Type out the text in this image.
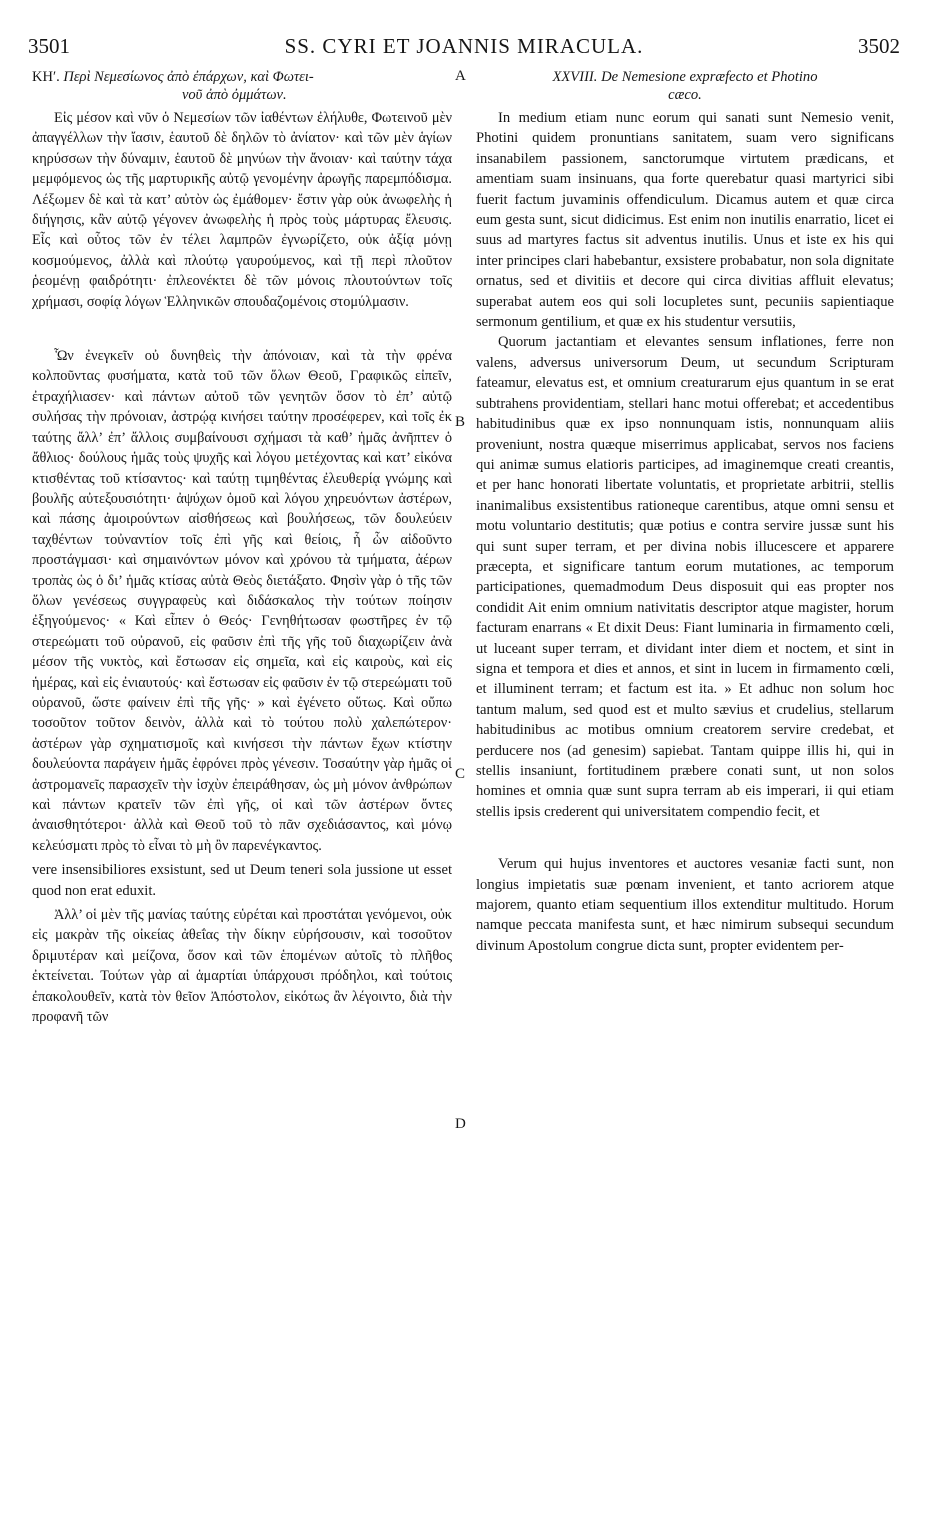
3501	SS. CYRI ET JOANNIS MIRACULA.	3502
ΚΗʹ. Περὶ Νεμεσίωνος ἀπὸ ἐπάρχων, καὶ Φωτει-
νοῦ ἀπὸ ὀμμάτων.

Εἰς μέσον καὶ νῦν ὁ Νεμεσίων τῶν ἰαθέντων ἐλήλυθε, Φωτεινοῦ μὲν ἀπαγγέλλων τὴν ἴασιν, ἑαυτοῦ δὲ δηλῶν τὸ ἀνίατον· καὶ τῶν μὲν ἁγίων κηρύσσων τὴν δύναμιν, ἑαυτοῦ δὲ μηνύων τὴν ἄνοιαν· καὶ ταύτην τάχα μεμφόμενος ὡς τῆς μαρτυρικῆς αὐτῷ γενομένην ἀρωγῆς παρεμπόδισμα. Λέξωμεν δὲ καὶ τὰ κατ’ αὐτὸν ὡς ἐμάθομεν· ἔστιν γὰρ οὐκ ἀνωφελὴς ἡ διήγησις, κἂν αὐτῷ γέγονεν ἀνωφελὴς ἡ πρὸς τοὺς μάρτυρας ἔλευσις. Εἷς καὶ οὗτος τῶν ἐν τέλει λαμπρῶν ἐγνωρίζετο, οὐκ ἀξίᾳ μόνῃ κοσμούμενος, ἀλλὰ καὶ πλούτῳ γαυρούμενος, καὶ τῇ περὶ πλοῦτον ῥεομένῃ φαιδρότητι· ἐπλεονέκτει δὲ τῶν μόνοις πλουτούντων τοῖς χρήμασι, σοφίᾳ λόγων Ἑλληνικῶν σπουδαζομένοις στομύλμασιν.

Ὧν ἐνεγκεῖν οὐ δυνηθεὶς τὴν ἀπόνοιαν, καὶ τὰ τὴν φρένα κολποῦντας φυσήματα, κατὰ τοῦ τῶν ὅλων Θεοῦ, Γραφικῶς εἰπεῖν, ἐτραχήλιασεν· καὶ πάντων αὐτοῦ τῶν γενητῶν ὅσον τὸ ἐπ’ αὐτῷ συλήσας τὴν πρόνοιαν, ἀστρῴᾳ κινήσει ταύτην προσέφερεν, καὶ τοῖς ἐκ ταύτης ἄλλ’ ἐπ’ ἄλλοις συμβαίνουσι σχήμασι τὰ καθ’ ἡμᾶς ἀνῆπτεν ὁ ἄθλιος· δούλους ἡμᾶς τοὺς ψυχῆς καὶ λόγου μετέχοντας καὶ κατ’ εἰκόνα κτισθέντας τοῦ κτίσαντος· καὶ ταύτῃ τιμηθέντας ἐλευθερίᾳ γνώμης καὶ βουλῆς αὐτεξουσιότητι· ἀψύχων ὁμοῦ καὶ λόγου χηρευόντων ἀστέρων, καὶ πάσης ἀμοιρούντων αἰσθήσεως καὶ βουλήσεως, τῶν δουλεύειν ταχθέντων τοὐναντίον τοῖς ἐπὶ γῆς καὶ θείοις, ἧ ὧν αἰδοῦντο προστάγμασι· καὶ σημαινόντων μόνον καὶ χρόνου τὰ τμήματα, ἀέρων τροπὰς ὡς ὁ δι’ ἡμᾶς κτίσας αὐτὰ Θεὸς διετάξατο. Φησὶν γὰρ ὁ τῆς τῶν ὅλων γενέσεως συγγραφεὺς καὶ διδάσκαλος τὴν τούτων ποίησιν ἐξηγούμενος· « Καὶ εἶπεν ὁ Θεός· Γενηθήτωσαν φωστῆρες ἐν τῷ στερεώματι τοῦ οὐρανοῦ, εἰς φαῦσιν ἐπὶ τῆς γῆς τοῦ διαχωρίζειν ἀνὰ μέσον τῆς νυκτὸς, καὶ ἔστωσαν εἰς σημεῖα, καὶ εἰς καιροὺς, καὶ εἰς ἡμέρας, καὶ εἰς ἐνιαυτούς· καὶ ἔστωσαν εἰς φαῦσιν ἐν τῷ στερεώματι τοῦ οὐρανοῦ, ὥστε φαίνειν ἐπὶ τῆς γῆς· » καὶ ἐγένετο οὕτως. Καὶ οὔπω τοσοῦτον τοῦτον δεινὸν, ἀλλὰ καὶ τὸ τούτου πολὺ χαλεπώτερον· ἀστέρων γὰρ σχηματισμοῖς καὶ κινήσεσι τὴν πάντων ἔχων κτίστην δουλεύοντα παράγειν ἡμᾶς ἐφρόνει πρὸς γένεσιν. Τοσαύτην γὰρ ἡμᾶς οἱ ἀστρομανεῖς παρασχεῖν τὴν ἰσχὺν ἐπειράθησαν, ὡς μὴ μόνον ἀνθρώπων καὶ πάντων κρατεῖν τῶν ἐπὶ γῆς, οἱ καὶ τῶν ἀστέρων ὄντες ἀναισθητότεροι· ἀλλὰ καὶ Θεοῦ τοῦ τὸ πᾶν σχεδιάσαντος, καὶ μόνῳ κελεύσματι πρὸς τὸ εἶναι τὸ μὴ ὂν παρενέγκαντος.

vere insensibiliores exsistunt, sed ut Deum teneri sola jussione ut esset quod non erat eduxit.

Ἀλλ’ οἱ μὲν τῆς μανίας ταύτης εὑρέται καὶ προστάται γενόμενοι, οὐκ εἰς μακρὰν τῆς οἰκείας ἀθεΐας τὴν δίκην εὑρήσουσιν, καὶ τοσοῦτον δριμυτέραν καὶ μείζονα, ὅσον καὶ τῶν ἑπομένων αὐτοῖς τὸ πλῆθος ἐκτείνεται. Τούτων γὰρ αἱ ἁμαρτίαι ὑπάρχουσι πρόδηλοι, καὶ τούτοις ἐπακολουθεῖν, κατὰ τὸν θεῖον Ἀπόστολον, εἰκότως ἂν λέγοιντο, διὰ τὴν προφανῆ τῶν

XXVIII. De Nemesione expræfecto et Photino
cæco.

In medium etiam nunc eorum qui sanati sunt Nemesio venit, Photini quidem pronuntians sanitatem, suam vero significans insanabilem passionem, sanctorumque virtutem prædicans, et amentiam suam insinuans, qua forte querebatur quasi martyrici sibi fuerit factum juvaminis offendiculum. Dicamus autem et quæ circa eum gesta sunt, sicut didicimus. Est enim non inutilis enarratio, licet ei suus ad martyres factus sit adventus inutilis. Unus et iste ex his qui inter principes clari habebantur, exsistere probabatur, non sola dignitate ornatus, sed et divitiis et decore qui circa divitias affluit elevatus; superabat autem eos qui soli locupletes sunt, pecuniis sapientiaque sermonum gentilium, et quæ ex his studentur versutiis,

Quorum jactantiam et elevantes sensum inflationes, ferre non valens, adversus universorum Deum, ut secundum Scripturam fateamur, elevatus est, et omnium creaturarum ejus quantum in se erat subtrahens providentiam, stellari hanc motui offerebat; et accedentibus habitudinibus quæ ex ipso nonnunquam istis, nonnunquam aliis proveniunt, nostra quæque miserrimus applicabat, servos nos faciens qui animæ sumus elatioris participes, ad imaginemque creati creantis, et per hanc honorati libertate voluntatis, et proprietate arbitrii, stellis inanimalibus exsistentibus rationeque carentibus, atque omni sensu et motu voluntario destitutis; quæ potius e contra servire jussæ sunt his qui sunt super terram, et per divina nobis illucescere et apparere præcepta, et significare tantum eorum mutationes, ac temporum participationes, quemadmodum Deus disposuit qui eas propter nos condidit Ait enim omnium nativitatis descriptor atque magister, horum facturam enarrans « Et dixit Deus: Fiant luminaria in firmamento cœli, ut luceant super terram, et dividant inter diem et noctem, et sint in signa et tempora et dies et annos, et sint in lucem in firmamento cœli, et illuminent terram; et factum est ita. » Et adhuc non solum hoc tantum malum, sed quod est et multo sævius et crudelius, stellarum habitudinibus ac motibus omnium creatorem servire credebat, et perducere nos (ad genesim) sapiebat. Tantam quippe illis hi, qui in stellis insaniunt, fortitudinem præbere conati sunt, ut non solos homines et omnia quæ sunt supra terram ab eis imperari, ii qui etiam stellis ipsis crederent qui universitatem compendio fecit, et

Verum qui hujus inventores et auctores vesaniæ facti sunt, non longius impietatis suæ pœnam invenient, et tanto acriorem atque majorem, quanto etiam sequentium illos extenditur multitudo. Horum namque peccata manifesta sunt, et hæc nimirum subsequi secundum divinum Apostolum congrue dicta sunt, propter evidentem per-

A
B
C
D
